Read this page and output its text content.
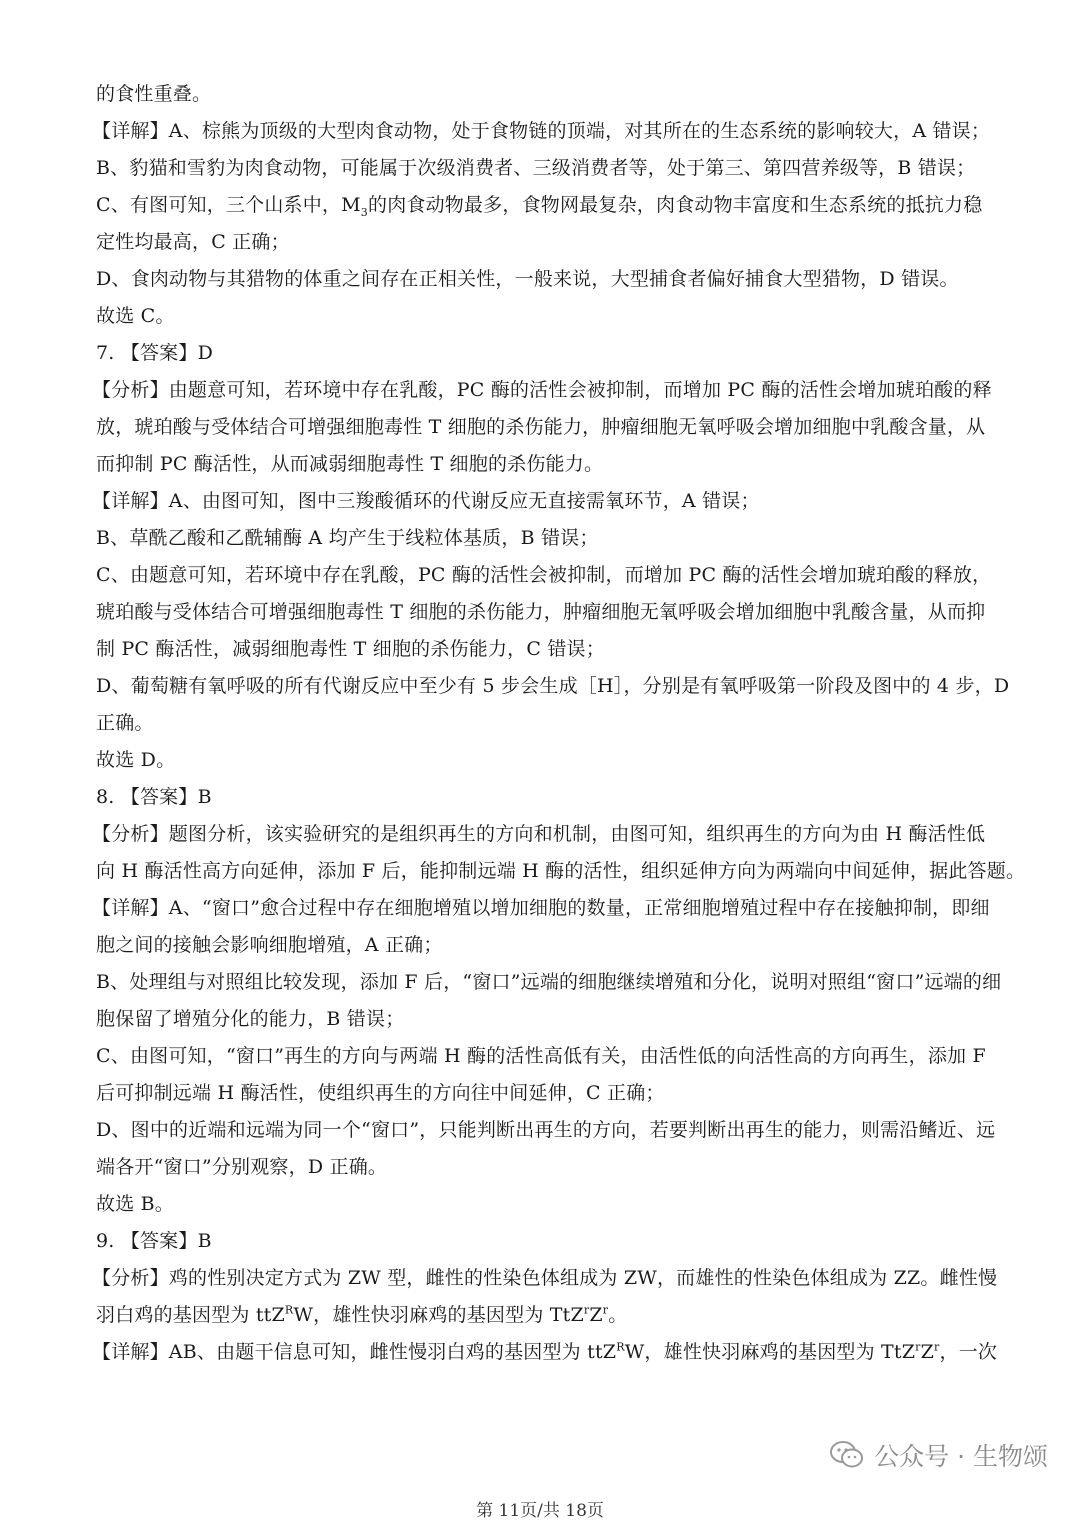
的食性重叠。
【详解】A、棕熊为顶级的大型肉食动物，处于食物链的顶端，对其所在的生态系统的影响较大，A 错误；
B、豹猫和雪豹为肉食动物，可能属于次级消费者、三级消费者等，处于第三、第四营养级等，B 错误；
C、有图可知，三个山系中，$M_3$的肉食动物最多，食物网最复杂，肉食动物丰富度和生态系统的抵抗力稳
定性均最高，C 正确；
D、食肉动物与其猎物的体重之间存在正相关性，一般来说，大型捕食者偏好捕食大型猎物，D 错误。
故选 C。
7. 【答案】D
【分析】由题意可知，若环境中存在乳酸，PC 酶的活性会被抑制，而增加 PC 酶的活性会增加琥珀酸的释
放，琥珀酸与受体结合可增强细胞毒性 T 细胞的杀伤能力，肿瘤细胞无氧呼吸会增加细胞中乳酸含量，从
而抑制 PC 酶活性，从而减弱细胞毒性 T 细胞的杀伤能力。
【详解】A、由图可知，图中三羧酸循环的代谢反应无直接需氧环节，A 错误；
B、草酰乙酸和乙酰辅酶 A 均产生于线粒体基质，B 错误；
C、由题意可知，若环境中存在乳酸，PC 酶的活性会被抑制，而增加 PC 酶的活性会增加琥珀酸的释放，
琥珀酸与受体结合可增强细胞毒性 T 细胞的杀伤能力，肿瘤细胞无氧呼吸会增加细胞中乳酸含量，从而抑
制 PC 酶活性，减弱细胞毒性 T 细胞的杀伤能力，C 错误；
D、葡萄糖有氧呼吸的所有代谢反应中至少有 5 步会生成［H］，分别是有氧呼吸第一阶段及图中的 4 步，D
正确。
故选 D。
8. 【答案】B
【分析】题图分析，该实验研究的是组织再生的方向和机制，由图可知，组织再生的方向为由 H 酶活性低
向 H 酶活性高方向延伸，添加 F 后，能抑制远端 H 酶的活性，组织延伸方向为两端向中间延伸，据此答题。
【详解】A、“窗口”愈合过程中存在细胞增殖以增加细胞的数量，正常细胞增殖过程中存在接触抑制，即细
胞之间的接触会影响细胞增殖，A 正确；
B、处理组与对照组比较发现，添加 F 后，“窗口”远端的细胞继续增殖和分化，说明对照组“窗口”远端的细
胞保留了增殖分化的能力，B 错误；
C、由图可知，“窗口”再生的方向与两端 H 酶的活性高低有关，由活性低的向活性高的方向再生，添加 F
后可抑制远端 H 酶活性，使组织再生的方向往中间延伸，C 正确；
D、图中的近端和远端为同一个“窗口”，只能判断出再生的方向，若要判断出再生的能力，则需沿鳍近、远
端各开“窗口”分别观察，D 正确。
故选 B。
9. 【答案】B
【分析】鸡的性别决定方式为 ZW 型，雌性的性染色体组成为 ZW，而雄性的性染色体组成为 ZZ。雌性慢
羽白鸡的基因型为 ttZ$^R$W，雄性快羽麻鸡的基因型为 $TtZ^rZ^r$。
【详解】AB、由题干信息可知，雌性慢羽白鸡的基因型为 ttZ$^R$W，雄性快羽麻鸡的基因型为 $TtZ^rZ^r$，一次
公众号 · 生物颂
第 11页/共 18页
